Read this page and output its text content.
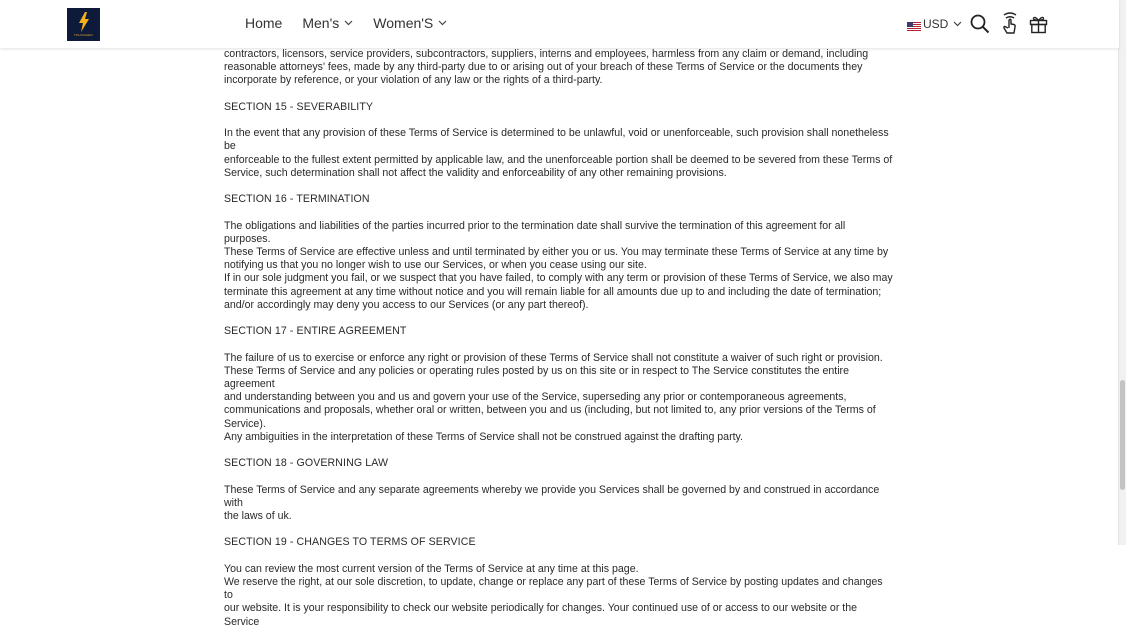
TOUCHGEO
Home Men's Women'S	USD

contractors, licensors, service providers, subcontractors, suppliers, interns and employees, harmless from any claim or demand, including

reasonable attorneys' fees, made by any third-party due to or arising out of your breach of these Terms of Service or the documents they

incorporate by reference, or your violation of any law or the rights of a third-party.

SECTION 15 - SEVERABILITY

In the event that any provision of these Terms of Service is determined to be unlawful, void or unenforceable, such provision shall nonetheless be

enforceable to the fullest extent permitted by applicable law, and the unenforceable portion shall be deemed to be severed from these Terms of

Service, such determination shall not affect the validity and enforceability of any other remaining provisions.

SECTION 16 - TERMINATION

The obligations and liabilities of the parties incurred prior to the termination date shall survive the termination of this agreement for all purposes.

These Terms of Service are effective unless and until terminated by either you or us. You may terminate these Terms of Service at any time by

notifying us that you no longer wish to use our Services, or when you cease using our site.

If in our sole judgment you fail, or we suspect that you have failed, to comply with any term or provision of these Terms of Service, we also may

terminate this agreement at any time without notice and you will remain liable for all amounts due up to and including the date of termination;

and/or accordingly may deny you access to our Services (or any part thereof).

SECTION 17 - ENTIRE AGREEMENT

The failure of us to exercise or enforce any right or provision of these Terms of Service shall not constitute a waiver of such right or provision.

These Terms of Service and any policies or operating rules posted by us on this site or in respect to The Service constitutes the entire agreement

and understanding between you and us and govern your use of the Service, superseding any prior or contemporaneous agreements,

communications and proposals, whether oral or written, between you and us (including, but not limited to, any prior versions of the Terms of

Service).

Any ambiguities in the interpretation of these Terms of Service shall not be construed against the drafting party.

SECTION 18 - GOVERNING LAW

These Terms of Service and any separate agreements whereby we provide you Services shall be governed by and construed in accordance with

the laws of uk.

SECTION 19 - CHANGES TO TERMS OF SERVICE

You can review the most current version of the Terms of Service at any time at this page.

We reserve the right, at our sole discretion, to update, change or replace any part of these Terms of Service by posting updates and changes to

our website. It is your responsibility to check our website periodically for changes. Your continued use of or access to our website or the Service
